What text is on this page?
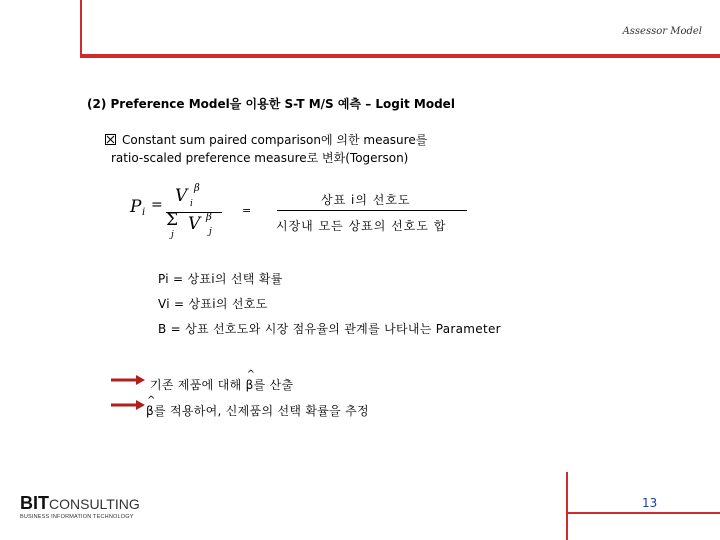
Assessor Model
(2) Preference Model을 이용한 S-T M/S 예측 – Logit Model
Constant sum paired comparison에 의한 measure를
ratio-scaled preference measure로 변화(Togerson)
P i = V β
i
Σ
j
V β
j
=
상표 i의 선호도
시장내 모든 상표의 선호도 합
Pi = 상표i의 선택 확률
Vi = 상표i의 선호도
B = 상표 선호도와 시장 점유율의 관계를 나타내는 Parameter
기존 제품에 대해 ^ β를 산출
^ β를 적용하여, 신제품의 선택 확률을 추정
BITCONSULTING
BUSINESS INFORMATION TECHNOLOGY
13
